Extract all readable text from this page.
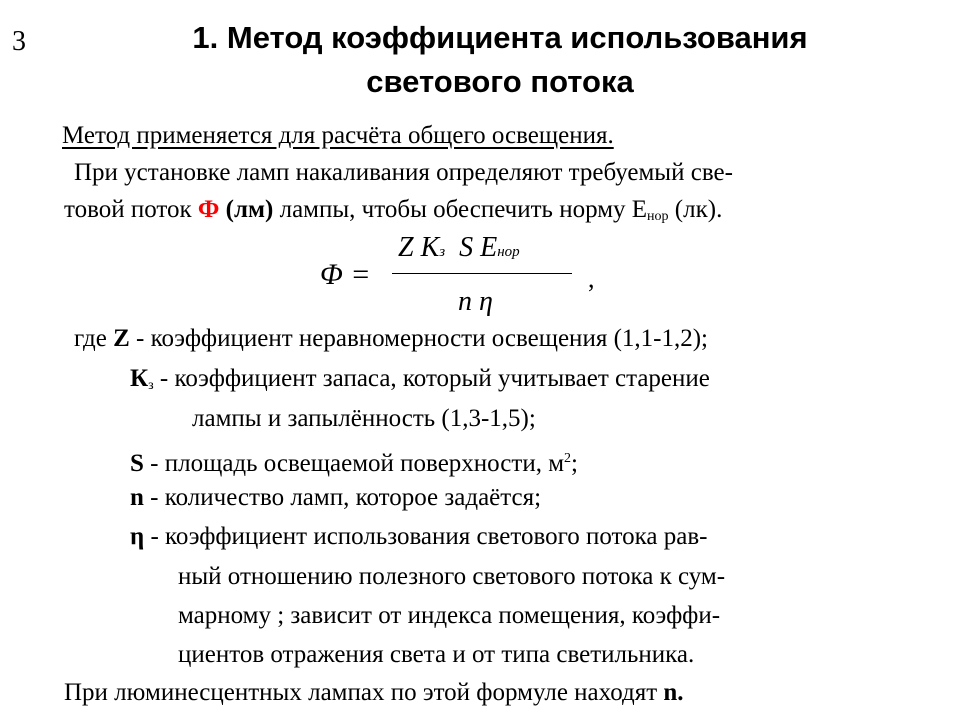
3	1. Метод коэффициента использования
светового потока
Метод применяется для расчёта общего освещения.
При установке ламп накаливания определяют требуемый све-
товой поток Ф (лм) лампы, чтобы обеспечить норму $Е_{нор}$ (лк).
Φ =
Z Kз S Eнор
n η
,
где Z - коэффициент неравномерности освещения (1,1-1,2);
$К_з$ - коэффициент запаса, который учитывает старение
лампы и запылённость (1,3-1,5);
S - площадь освещаемой поверхности, $м^2$;
n - количество ламп, которое задаётся;
η - коэффициент использования светового потока рав-
ный отношению полезного светового потока к сум-
марному ; зависит от индекса помещения, коэффи-
циентов отражения света и от типа светильника.
При люминесцентных лампах по этой формуле находят n.
